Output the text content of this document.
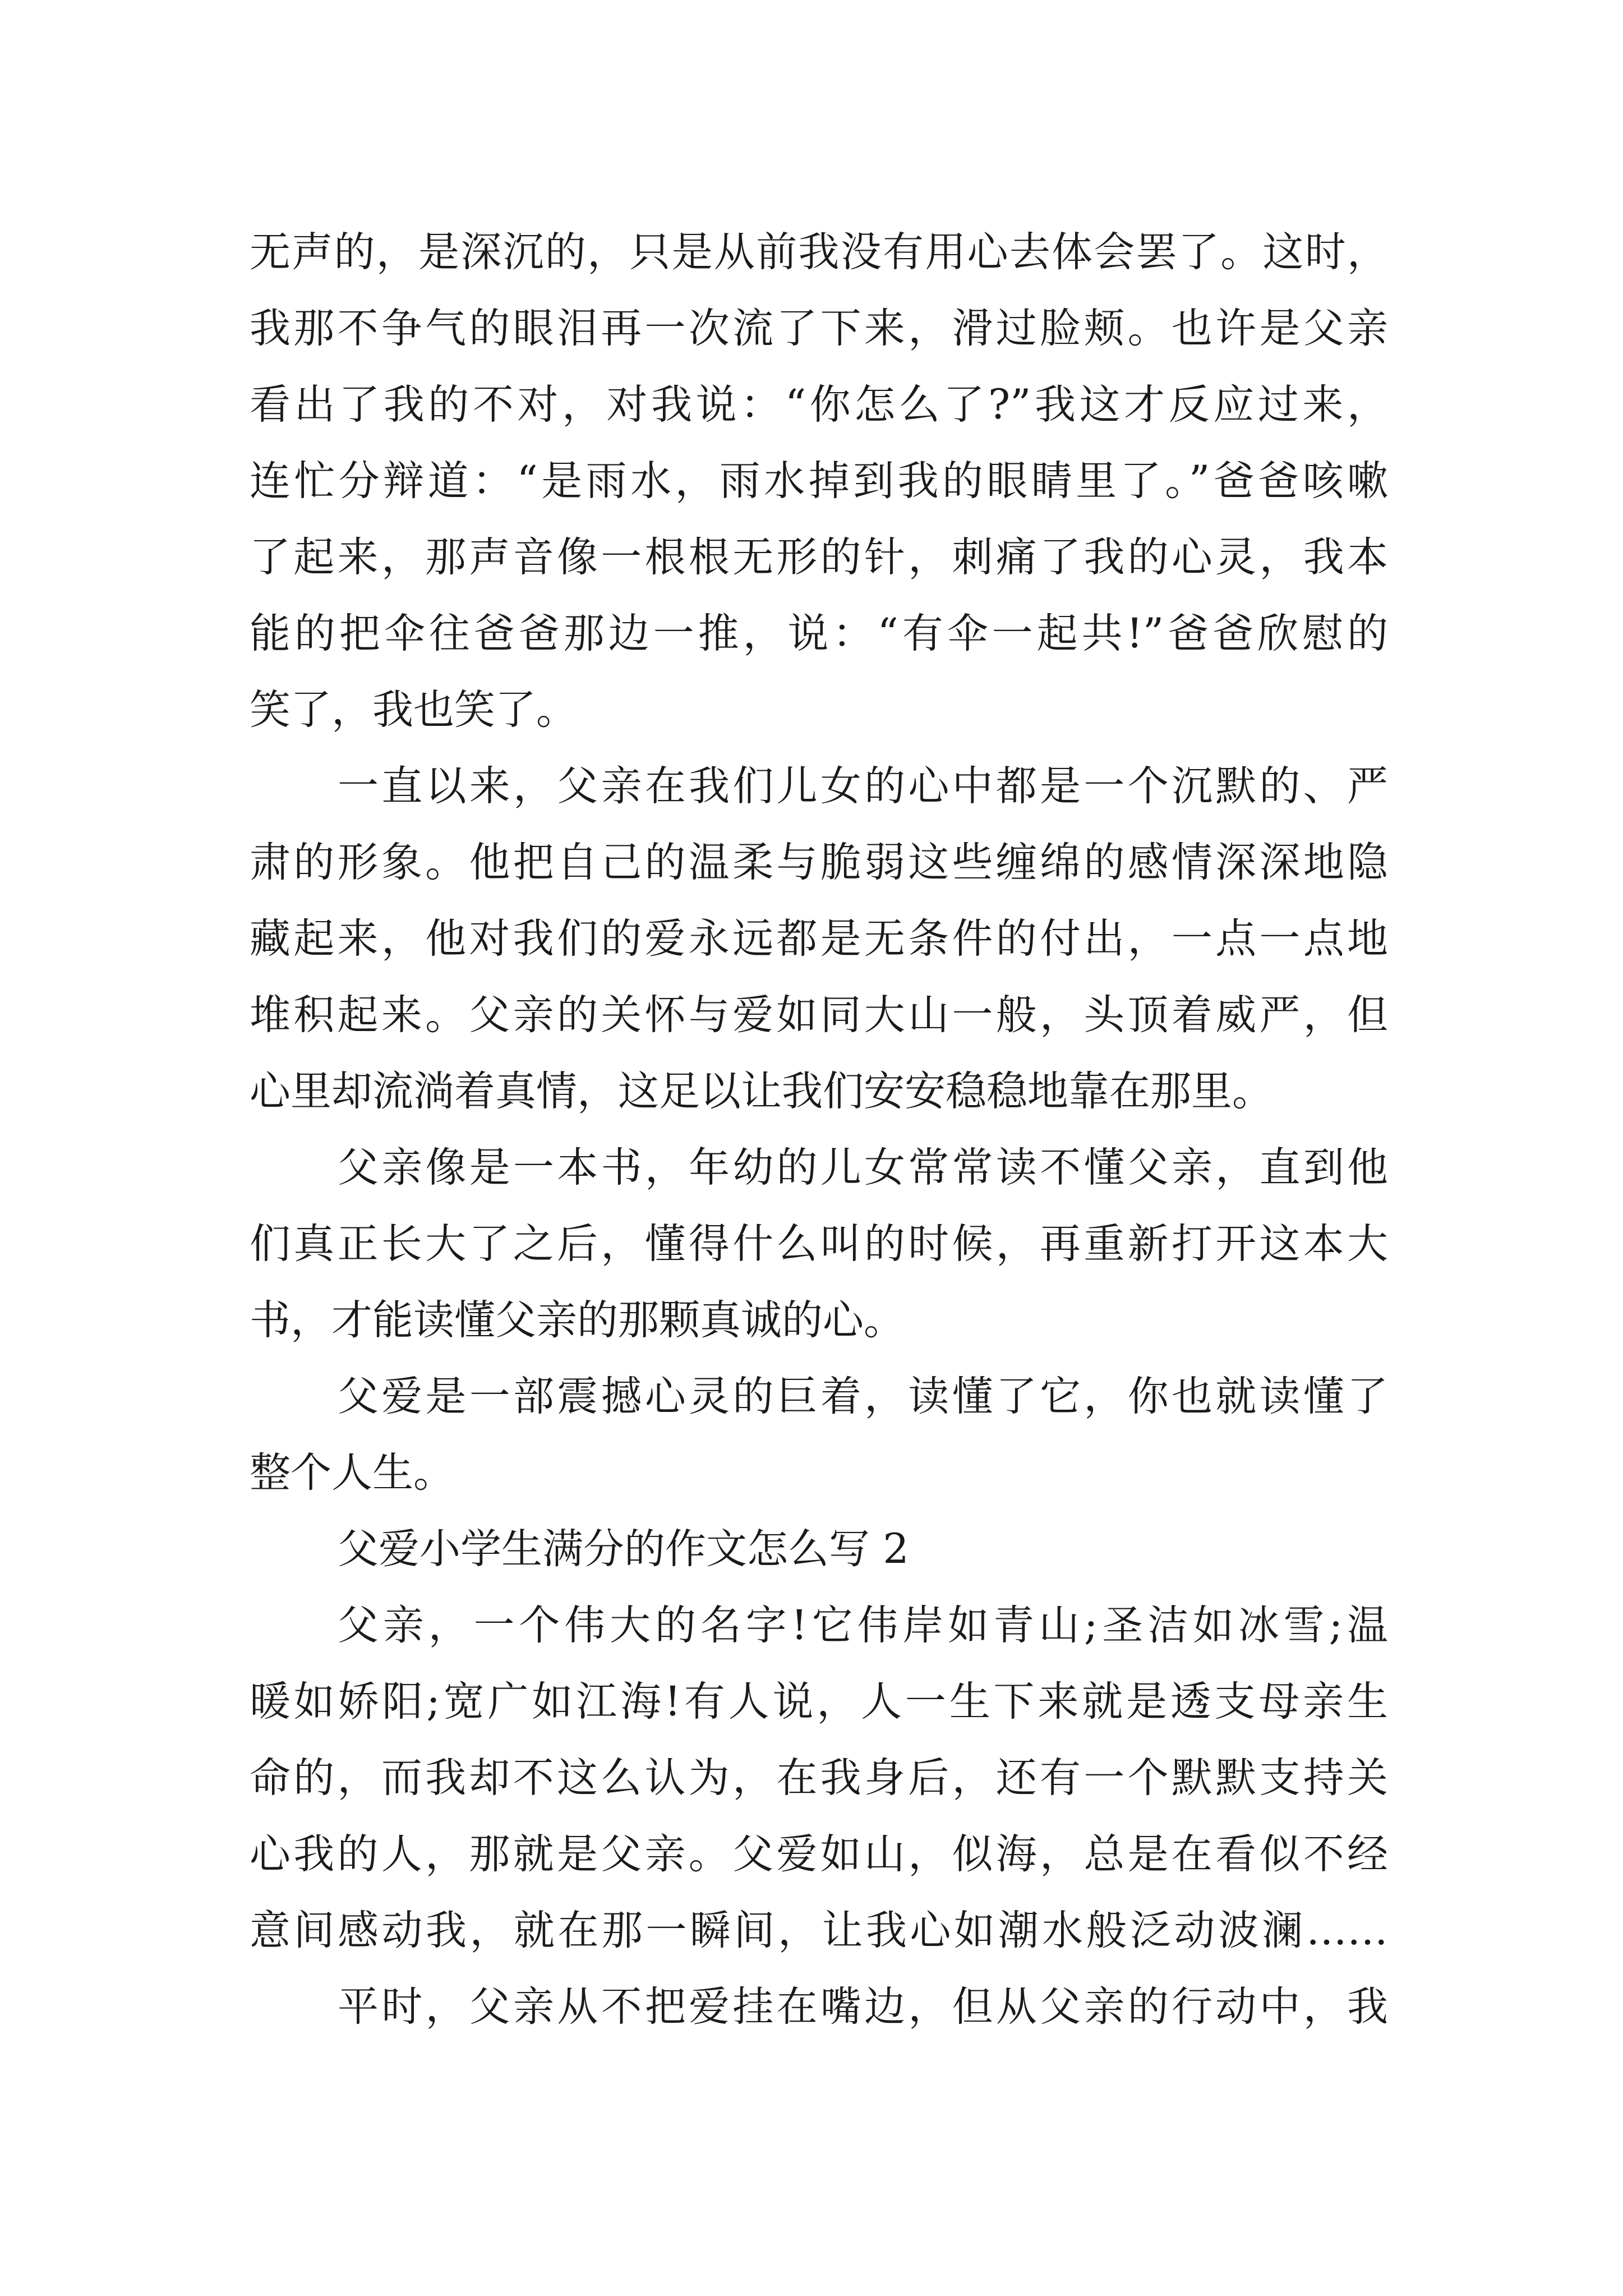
无声的，是深沉的，只是从前我没有用心去体会罢了。这时，
我那不争气的眼泪再一次流了下来，滑过脸颊。也许是父亲
看出了我的不对，对我说：“你怎么了?”我这才反应过来，
连忙分辩道：“是雨水，雨水掉到我的眼睛里了。”爸爸咳嗽
了起来，那声音像一根根无形的针，刺痛了我的心灵，我本
能的把伞往爸爸那边一推，说：“有伞一起共!”爸爸欣慰的
笑了，我也笑了。
一直以来，父亲在我们儿女的心中都是一个沉默的、严
肃的形象。他把自己的温柔与脆弱这些缠绵的感情深深地隐
藏起来，他对我们的爱永远都是无条件的付出，一点一点地
堆积起来。父亲的关怀与爱如同大山一般，头顶着威严，但
心里却流淌着真情，这足以让我们安安稳稳地靠在那里。
父亲像是一本书，年幼的儿女常常读不懂父亲，直到他
们真正长大了之后，懂得什么叫的时候，再重新打开这本大
书，才能读懂父亲的那颗真诚的心。
父爱是一部震撼心灵的巨着，读懂了它，你也就读懂了
整个人生。
父爱小学生满分的作文怎么写 2
父亲，一个伟大的名字!它伟岸如青山;圣洁如冰雪;温
暖如娇阳;宽广如江海!有人说，人一生下来就是透支母亲生
命的，而我却不这么认为，在我身后，还有一个默默支持关
心我的人，那就是父亲。父爱如山，似海，总是在看似不经
意间感动我，就在那一瞬间，让我心如潮水般泛动波澜……
平时，父亲从不把爱挂在嘴边，但从父亲的行动中，我
